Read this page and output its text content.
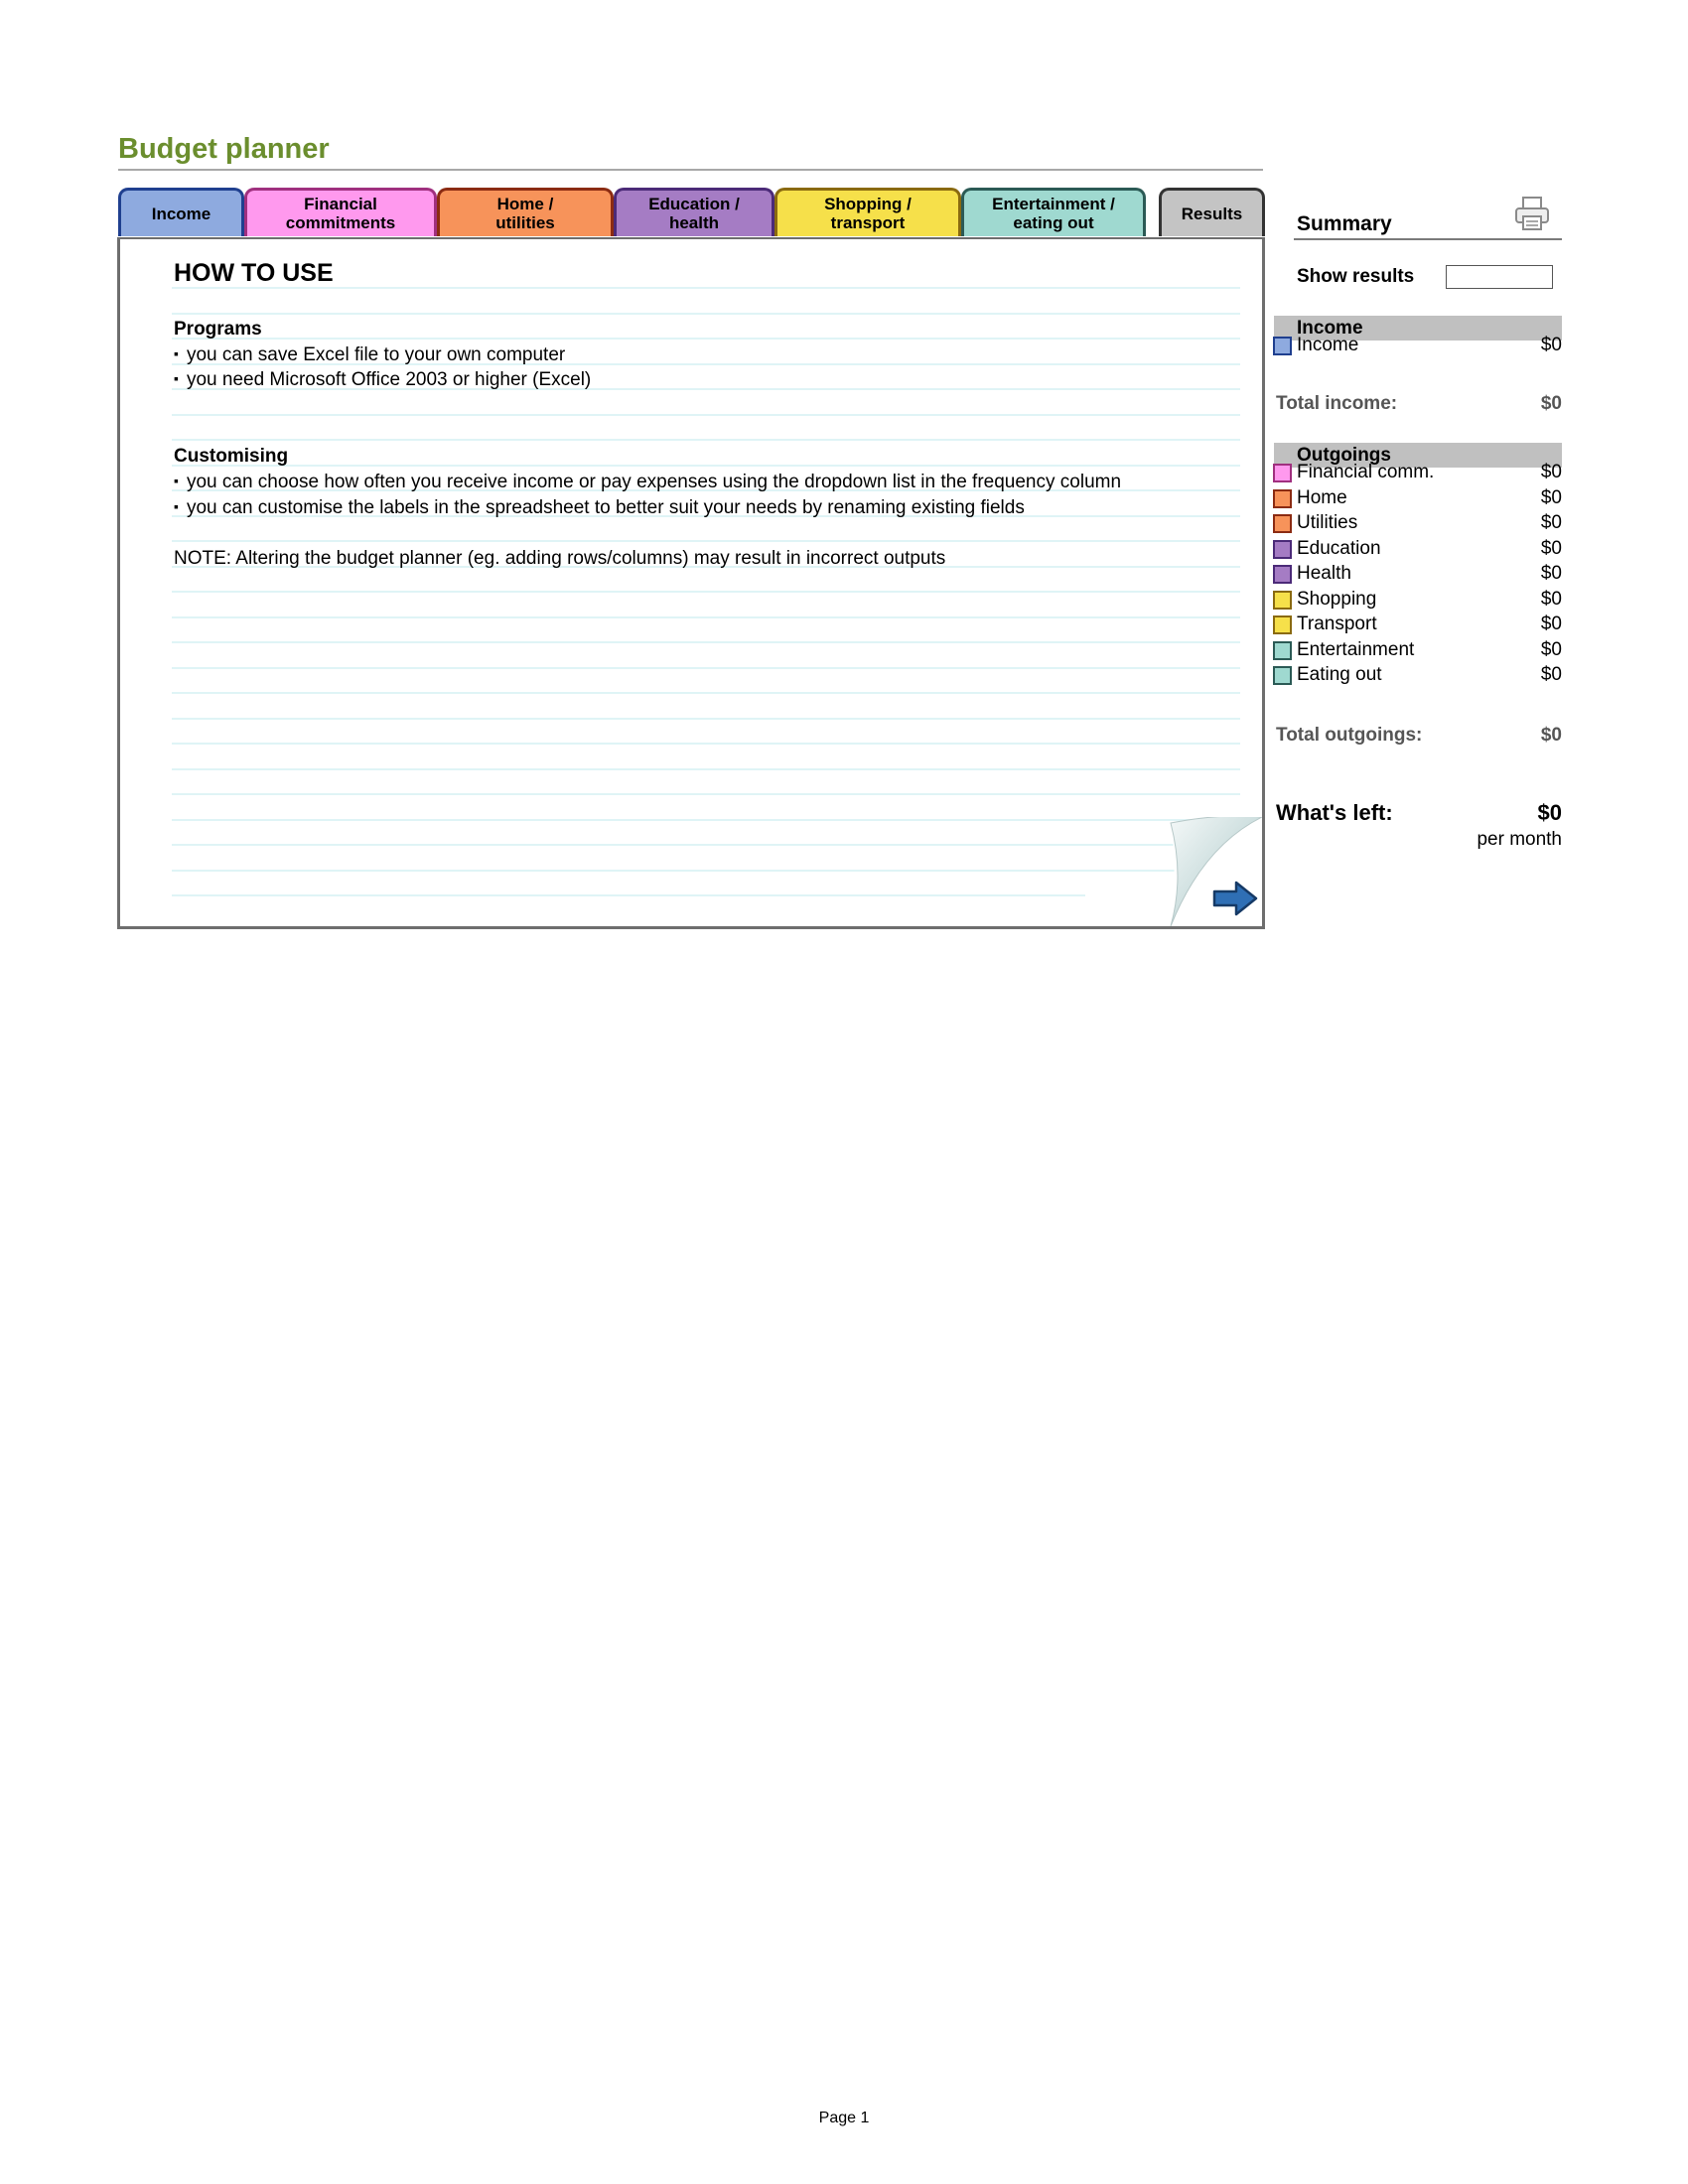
Budget planner
Income	Financial
commitments
Home /
utilities
Education /
health
Shopping /
transport
Entertainment /
eating out	Results
HOW TO USE
Programs
▪ you can save Excel file to your own computer
▪ you need Microsoft Office 2003 or higher (Excel)
Customising
▪ you can choose how often you receive income or pay expenses using the dropdown list in the frequency column
▪ you can customise the labels in the spreadsheet to better suit your needs by renaming existing fields
NOTE: Altering the budget planner (eg. adding rows/columns) may result in incorrect outputs
Summary
Show results
Income
Income	$0
Total income:	$0
Outgoings
Financial comm.	$0
Home	$0
Utilities	$0
Education	$0
Health	$0
Shopping	$0
Transport	$0
Entertainment	$0
Eating out	$0
Total outgoings:	$0
What's left:	$0
per month
Page 1
